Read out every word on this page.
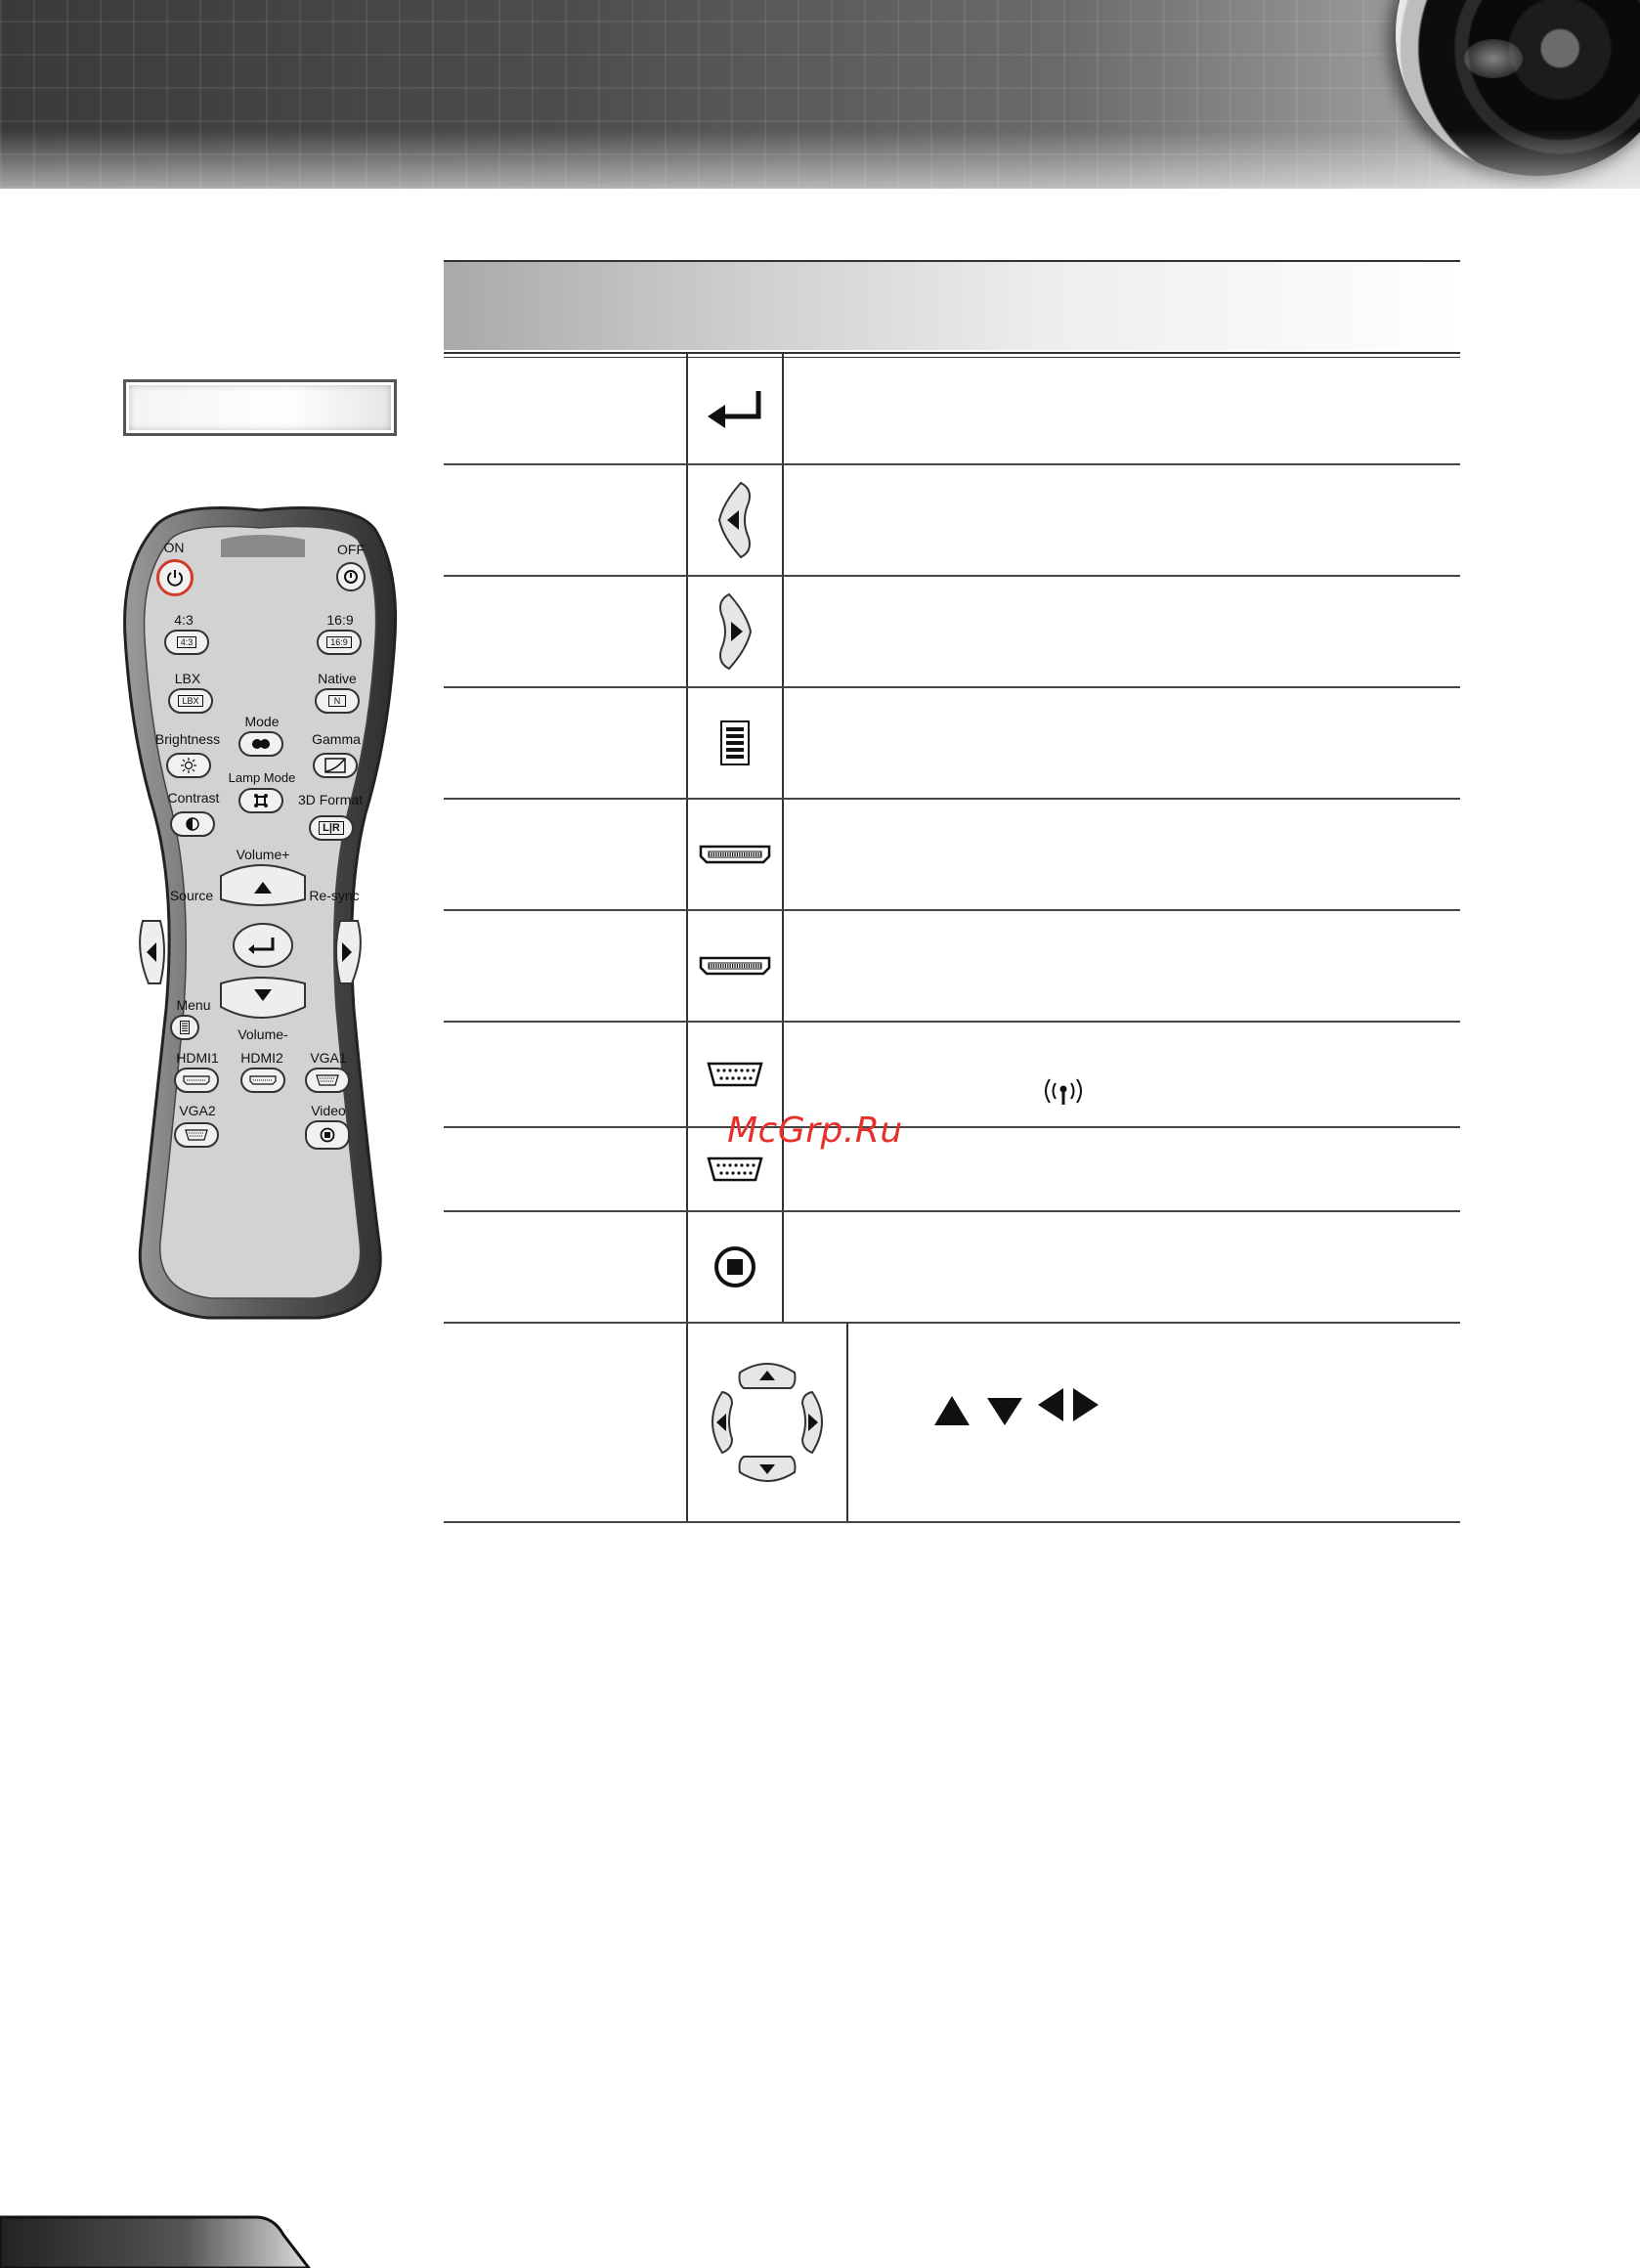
ON	OFF
4:3	16:9
LBX	Native
Mode
Brightness	Gamma
Lamp Mode
Contrast	3D Format
Volume+
Source	Re-sync
Menu
Volume-
HDMI1 HDMI2 VGA1
VGA2	Video
4:3	16:9
LBX	N
L|R
McGrp.Ru
